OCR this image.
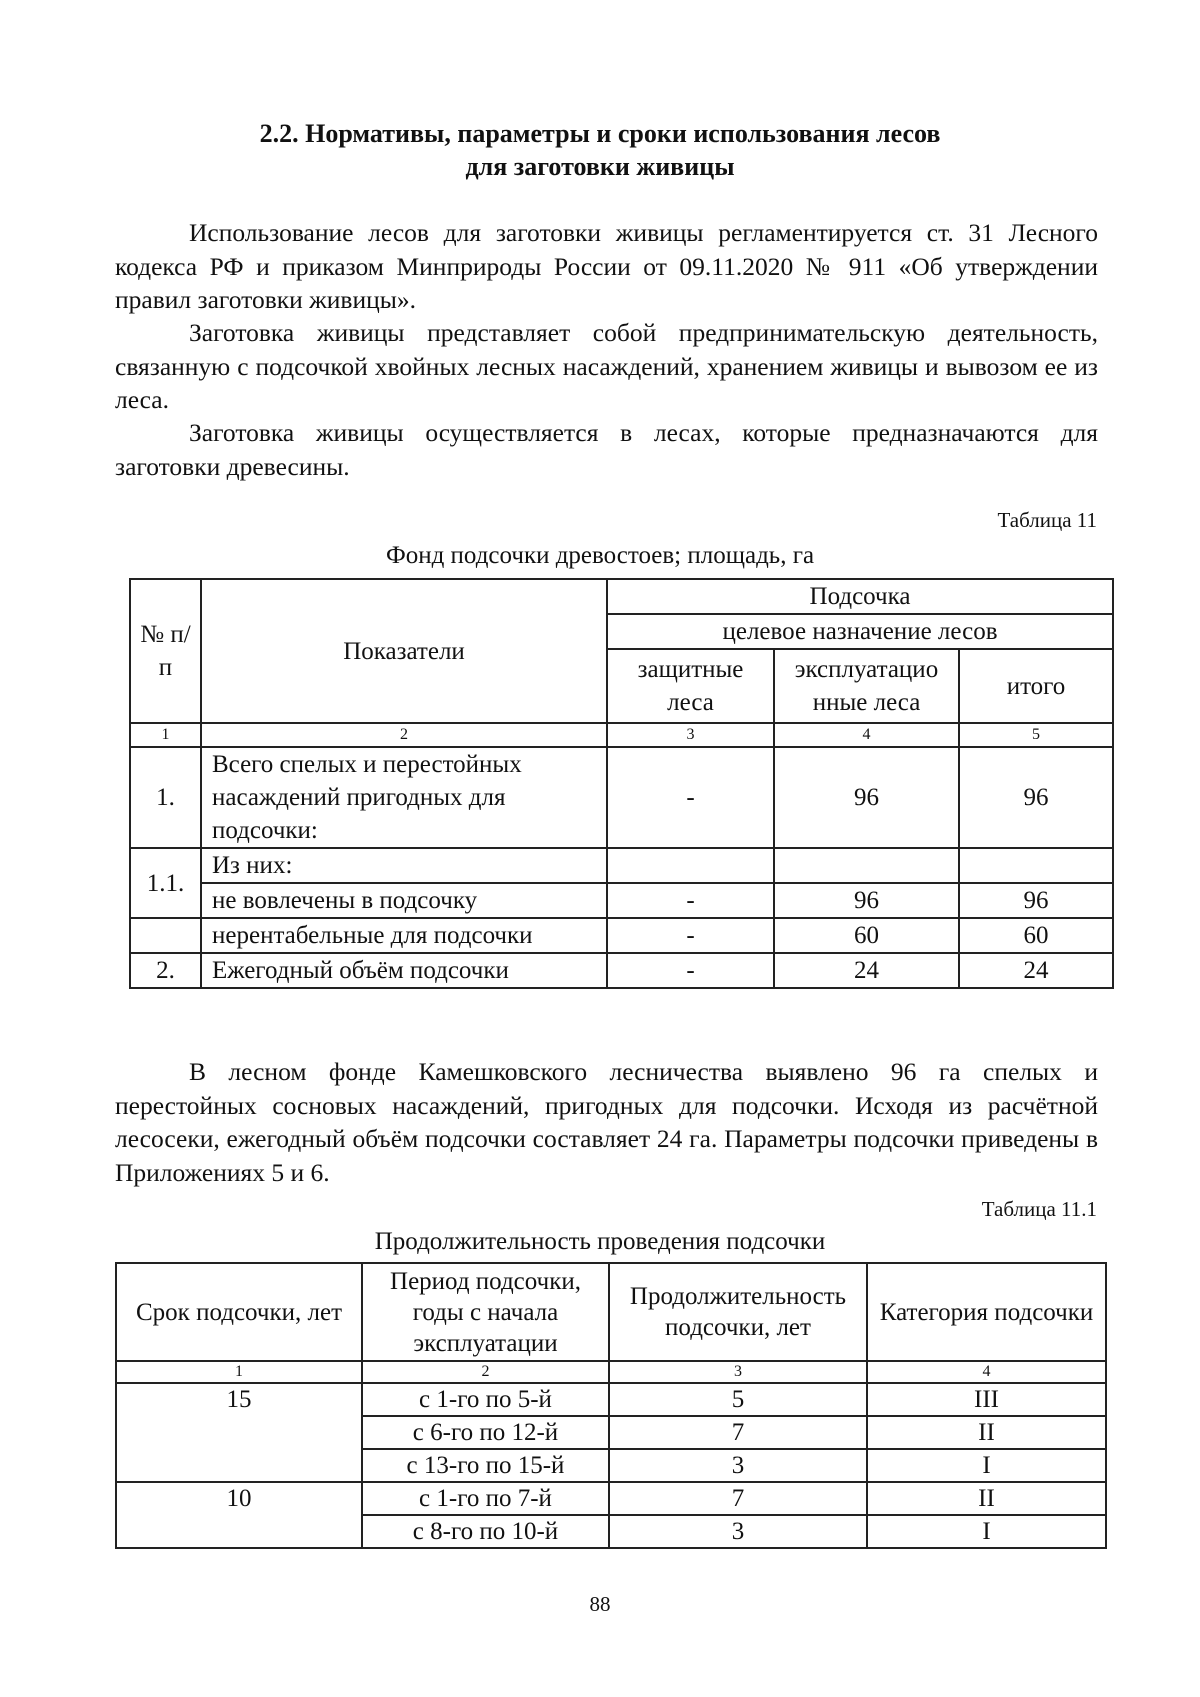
2.2. Нормативы, параметры и сроки использования лесов
для заготовки живицы

Использование лесов для заготовки живицы регламентируется ст. 31 Лесного кодекса РФ и приказом Минприроды России от 09.11.2020 № 911 «Об утверждении правил заготовки живицы».

Заготовка живицы представляет собой предпринимательскую деятельность, связанную с подсочкой хвойных лесных насаждений, хранением живицы и вывозом ее из леса.

Заготовка живицы осуществляется в лесах, которые предназначаются для заготовки древесины.

Таблица 11
Фонд подсочки древостоев; площадь, га
№ п/п	Показатели	Подсочка		
		целевое назначение лесов		
		защитные леса	эксплуатацио нные леса	итого
1	2	3	4	5
1.	Всего спелых и перестойных насаждений пригодных для подсочки:	-	96	96
1.1.	Из них:			
	не вовлечены в подсочку	-	96	96
	нерентабельные для подсочки	-	60	60
2.	Ежегодный объём подсочки	-	24	24

В лесном фонде Камешковского лесничества выявлено 96 га спелых и перестойных сосновых насаждений, пригодных для подсочки. Исходя из расчётной лесосеки, ежегодный объём подсочки составляет 24 га. Параметры подсочки приведены в Приложениях 5 и 6.

Таблица 11.1
Продолжительность проведения подсочки
Срок подсочки, лет	Период подсочки, годы с начала эксплуатации	Продолжительность подсочки, лет	Категория подсочки
1	2	3	4
15	с 1-го по 5-й	5	III
	с 6-го по 12-й	7	II
	с 13-го по 15-й	3	I
10	с 1-го по 7-й	7	II
	с 8-го по 10-й	3	I
88
